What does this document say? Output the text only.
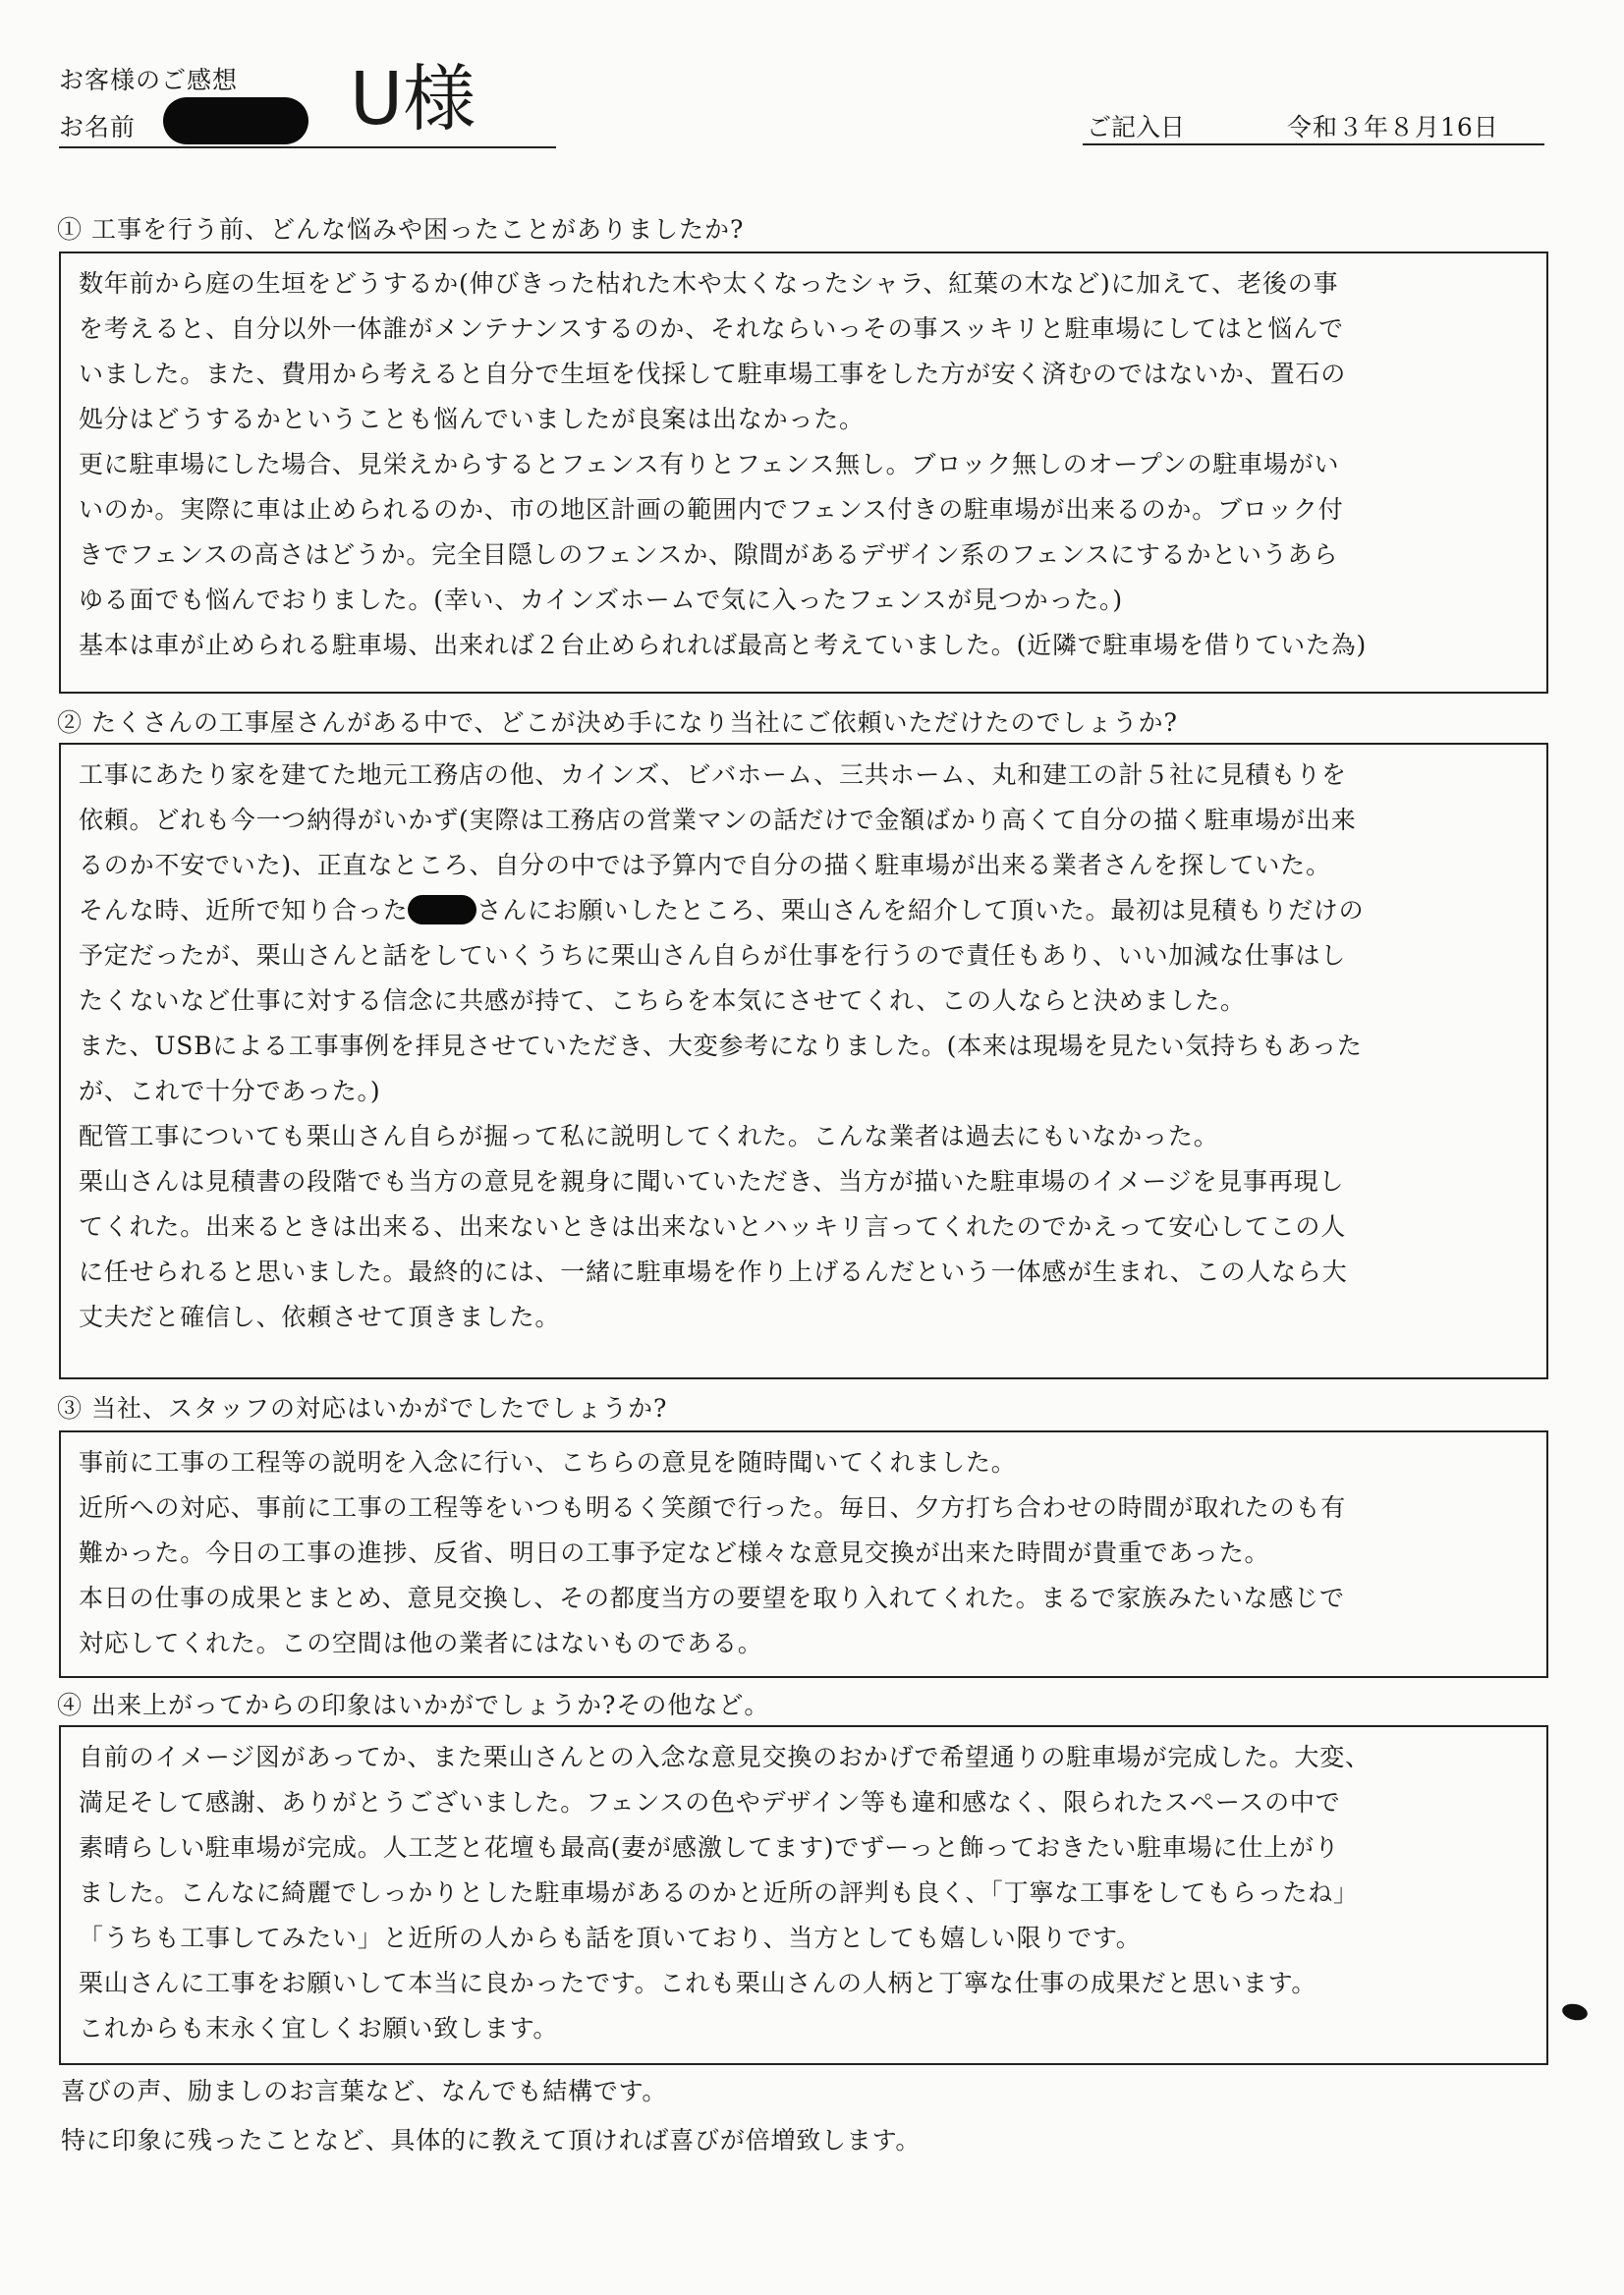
お客様のご感想
お名前	U様	ご記入日	令和３年８月16日
① 工事を行う前、どんな悩みや困ったことがありましたか?
数年前から庭の生垣をどうするか(伸びきった枯れた木や太くなったシャラ、紅葉の木など)に加えて、老後の事
を考えると、自分以外一体誰がメンテナンスするのか、それならいっその事スッキリと駐車場にしてはと悩んで
いました。また、費用から考えると自分で生垣を伐採して駐車場工事をした方が安く済むのではないか、置石の
処分はどうするかということも悩んでいましたが良案は出なかった。
更に駐車場にした場合、見栄えからするとフェンス有りとフェンス無し。ブロック無しのオープンの駐車場がい
いのか。実際に車は止められるのか、市の地区計画の範囲内でフェンス付きの駐車場が出来るのか。ブロック付
きでフェンスの高さはどうか。完全目隠しのフェンスか、隙間があるデザイン系のフェンスにするかというあら
ゆる面でも悩んでおりました。(幸い、カインズホームで気に入ったフェンスが見つかった。)
基本は車が止められる駐車場、出来れば２台止められれば最高と考えていました。(近隣で駐車場を借りていた為)
② たくさんの工事屋さんがある中で、どこが決め手になり当社にご依頼いただけたのでしょうか?
工事にあたり家を建てた地元工務店の他、カインズ、ビバホーム、三共ホーム、丸和建工の計５社に見積もりを
依頼。どれも今一つ納得がいかず(実際は工務店の営業マンの話だけで金額ばかり高くて自分の描く駐車場が出来
るのか不安でいた)、正直なところ、自分の中では予算内で自分の描く駐車場が出来る業者さんを探していた。
そんな時、近所で知り合った	さんにお願いしたところ、栗山さんを紹介して頂いた。最初は見積もりだけの
予定だったが、栗山さんと話をしていくうちに栗山さん自らが仕事を行うので責任もあり、いい加減な仕事はし
たくないなど仕事に対する信念に共感が持て、こちらを本気にさせてくれ、この人ならと決めました。
また、USBによる工事事例を拝見させていただき、大変参考になりました。(本来は現場を見たい気持ちもあった
が、これで十分であった。)
配管工事についても栗山さん自らが掘って私に説明してくれた。こんな業者は過去にもいなかった。
栗山さんは見積書の段階でも当方の意見を親身に聞いていただき、当方が描いた駐車場のイメージを見事再現し
てくれた。出来るときは出来る、出来ないときは出来ないとハッキリ言ってくれたのでかえって安心してこの人
に任せられると思いました。最終的には、一緒に駐車場を作り上げるんだという一体感が生まれ、この人なら大
丈夫だと確信し、依頼させて頂きました。
③ 当社、スタッフの対応はいかがでしたでしょうか?
事前に工事の工程等の説明を入念に行い、こちらの意見を随時聞いてくれました。
近所への対応、事前に工事の工程等をいつも明るく笑顔で行った。毎日、夕方打ち合わせの時間が取れたのも有
難かった。今日の工事の進捗、反省、明日の工事予定など様々な意見交換が出来た時間が貴重であった。
本日の仕事の成果とまとめ、意見交換し、その都度当方の要望を取り入れてくれた。まるで家族みたいな感じで
対応してくれた。この空間は他の業者にはないものである。
④ 出来上がってからの印象はいかがでしょうか?その他など。
自前のイメージ図があってか、また栗山さんとの入念な意見交換のおかげで希望通りの駐車場が完成した。大変、
満足そして感謝、ありがとうございました。フェンスの色やデザイン等も違和感なく、限られたスペースの中で
素晴らしい駐車場が完成。人工芝と花壇も最高(妻が感激してます)でずーっと飾っておきたい駐車場に仕上がり
ました。こんなに綺麗でしっかりとした駐車場があるのかと近所の評判も良く、「丁寧な工事をしてもらったね」
「うちも工事してみたい」と近所の人からも話を頂いており、当方としても嬉しい限りです。
栗山さんに工事をお願いして本当に良かったです。これも栗山さんの人柄と丁寧な仕事の成果だと思います。
これからも末永く宜しくお願い致します。
喜びの声、励ましのお言葉など、なんでも結構です。
特に印象に残ったことなど、具体的に教えて頂ければ喜びが倍増致します。
